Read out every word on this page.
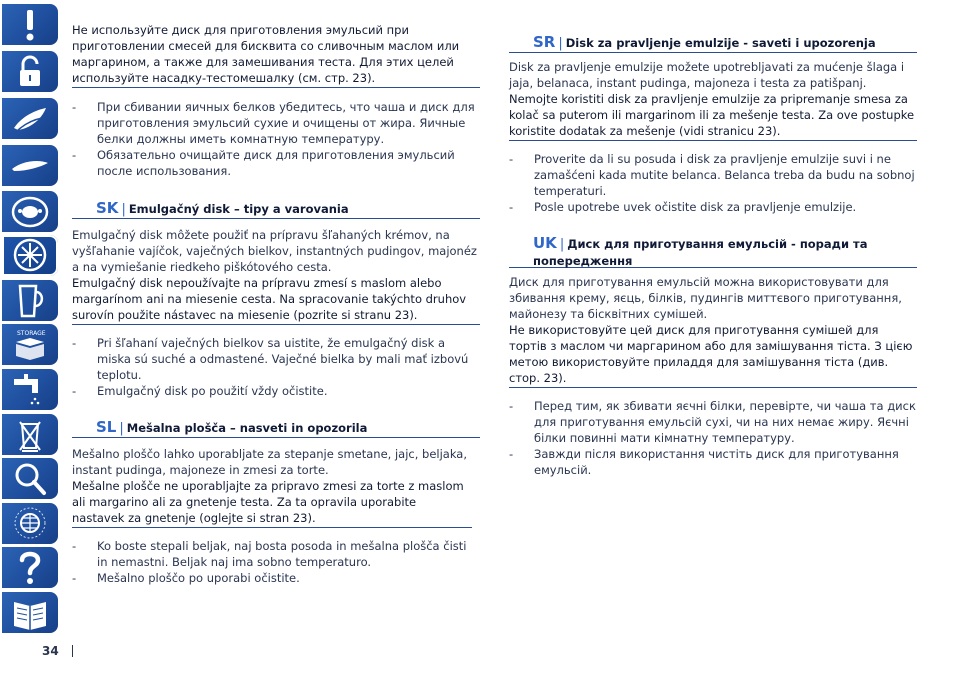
STORAGE

Не используйте диск для приготовления эмульсий при приготовлении смесей для бисквита со сливочным маслом или маргарином, а также для замешивания теста. Для этих целей используйте насадку-тестомешалку (см. стр. 23).

- При сбивании яичных белков убедитесь, что чаша и диск для приготовления эмульсий сухие и очищены от жира. Яичные белки должны иметь комнатную температуру.
- Обязательно очищайте диск для приготовления эмульсий после использования.
SK | Emulgačný disk – tipy a varovania

Emulgačný disk môžete použiť na prípravu šľahaných krémov, na vyšľahanie vajíčok, vaječných bielkov, instantných pudingov, majonéz a na vymiešanie riedkeho piškótového cesta.

Emulgačný disk nepoužívajte na prípravu zmesí s maslom alebo margarínom ani na miesenie cesta. Na spracovanie takýchto druhov surovín použite nástavec na miesenie (pozrite si stranu 23).

- Pri šľahaní vaječných bielkov sa uistite, že emulgačný disk a miska sú suché a odmastené. Vaječné bielka by mali mať izbovú teplotu.
- Emulgačný disk po použití vždy očistite.
SL | Mešalna plošča – nasveti in opozorila

Mešalno ploščo lahko uporabljate za stepanje smetane, jajc, beljaka, instant pudinga, majoneze in zmesi za torte.

Mešalne plošče ne uporabljajte za pripravo zmesi za torte z maslom ali margarino ali za gnetenje testa. Za ta opravila uporabite nastavek za gnetenje (oglejte si stran 23).

- Ko boste stepali beljak, naj bosta posoda in mešalna plošča čisti in nemastni. Beljak naj ima sobno temperaturo.
- Mešalno ploščo po uporabi očistite.
SR | Disk za pravljenje emulzije - saveti i upozorenja

Disk za pravljenje emulzije možete upotrebljavati za mućenje šlaga i jaja, belanaca, instant pudinga, majoneza i testa za patišpanj.

Nemojte koristiti disk za pravljenje emulzije za pripremanje smesa za kolač sa puterom ili margarinom ili za mešenje testa. Za ove postupke koristite dodatak za mešenje (vidi stranicu 23).

- Proverite da li su posuda i disk za pravljenje emulzije suvi i ne zamašćeni kada mutite belanca. Belanca treba da budu na sobnoj temperaturi.
- Posle upotrebe uvek očistite disk za pravljenje emulzije.
UK | Диск для приготування емульсій - поради та попередження

Диск для приготування емульсій можна використовувати для збивання крему, яєць, білків, пудингів миттєвого приготування, майонезу та бісквітних сумішей.

Не використовуйте цей диск для приготування сумішей для тортів з маслом чи маргарином або для замішування тіста. З цією метою використовуйте приладдя для замішування тіста (див. стор. 23).

- Перед тим, як збивати яєчні білки, перевірте, чи чаша та диск для приготування емульсій сухі, чи на них немає жиру. Яєчні білки повинні мати кімнатну температуру.
- Завжди після використання чистіть диск для приготування емульсій.
34
